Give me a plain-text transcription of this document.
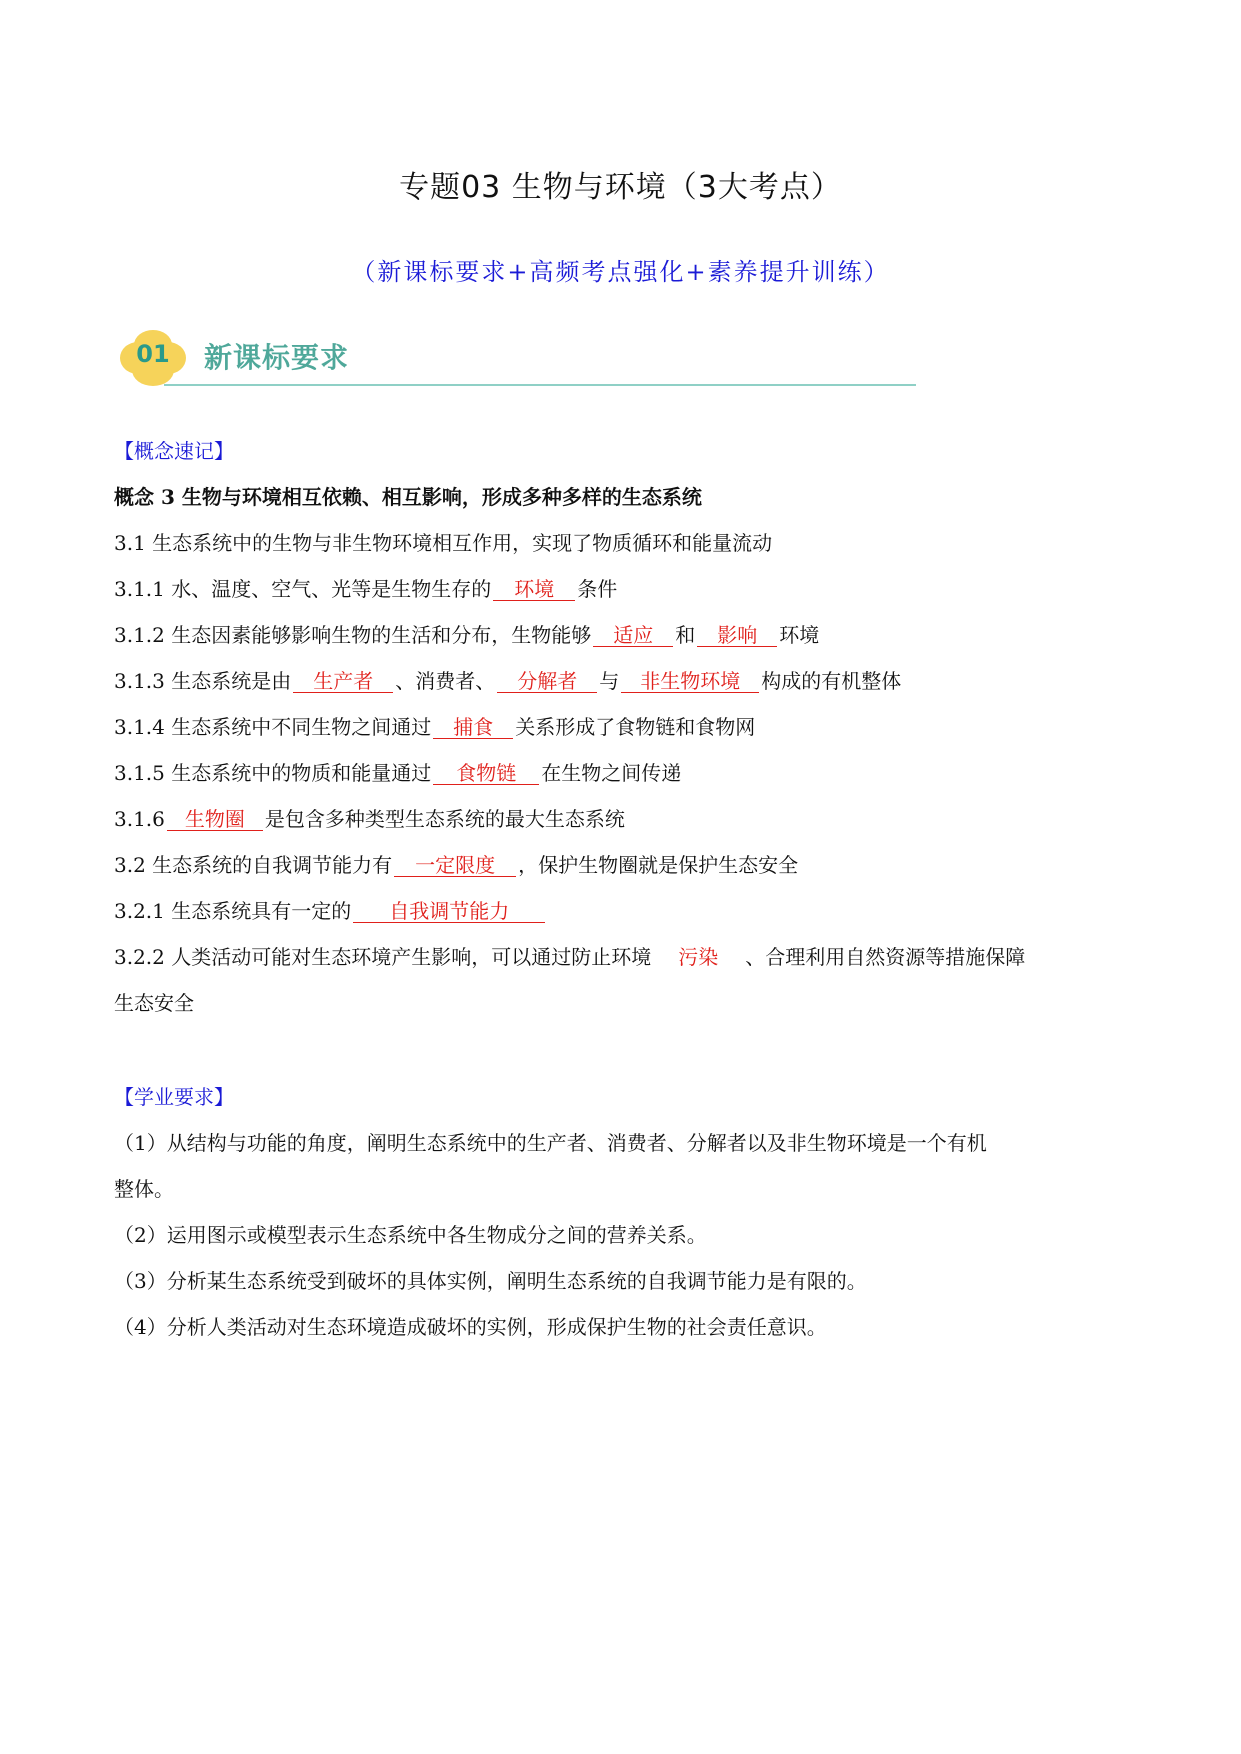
专题03 生物与环境（3大考点）
（新课标要求+高频考点强化+素养提升训练）
01	新课标要求
【概念速记】
概念 3 生物与环境相互依赖、相互影响，形成多种多样的生态系统
3.1 生态系统中的生物与非生物环境相互作用，实现了物质循环和能量流动
3.1.1 水、温度、空气、光等是生物生存的 环境 条件
3.1.2 生态因素能够影响生物的生活和分布，生物能够 适应 和 影响 环境
3.1.3 生态系统是由 生产者 、消费者、 分解者 与 非生物环境 构成的有机整体
3.1.4 生态系统中不同生物之间通过 捕食 关系形成了食物链和食物网
3.1.5 生态系统中的物质和能量通过 食物链 在生物之间传递
3.1.6 生物圈 是包含多种类型生态系统的最大生态系统
3.2 生态系统的自我调节能力有 一定限度 ，保护生物圈就是保护生态安全
3.2.1 生态系统具有一定的 自我调节能力
3.2.2 人类活动可能对生态环境产生影响，可以通过防止环境 污染 、合理利用自然资源等措施保障
生态安全
【学业要求】
（1）从结构与功能的角度，阐明生态系统中的生产者、消费者、分解者以及非生物环境是一个有机
整体。
（2）运用图示或模型表示生态系统中各生物成分之间的营养关系。
（3）分析某生态系统受到破坏的具体实例，阐明生态系统的自我调节能力是有限的。
（4）分析人类活动对生态环境造成破坏的实例，形成保护生物的社会责任意识。
